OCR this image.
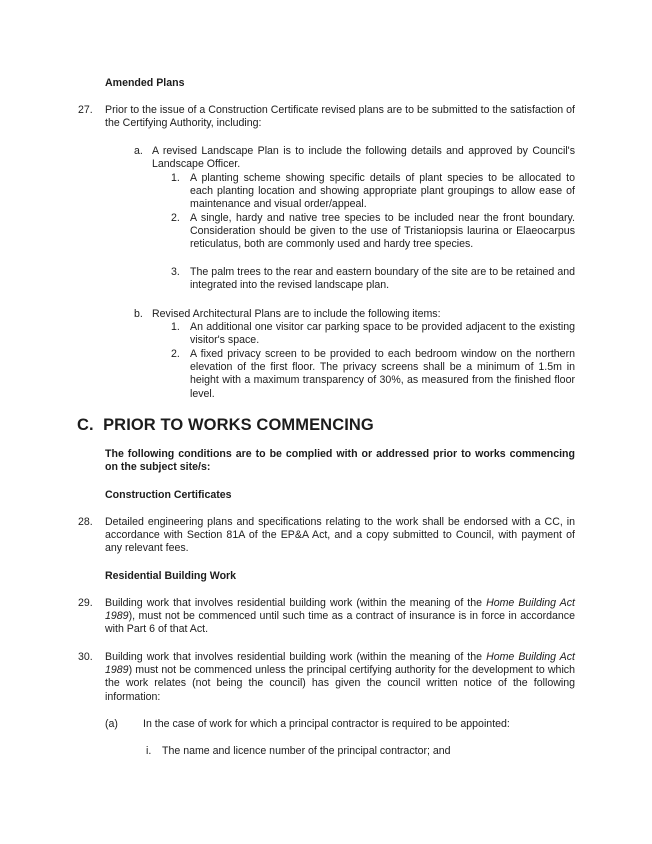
Amended Plans
27. Prior to the issue of a Construction Certificate revised plans are to be submitted to the satisfaction of the Certifying Authority, including:
a. A revised Landscape Plan is to include the following details and approved by Council's Landscape Officer.
1. A planting scheme showing specific details of plant species to be allocated to each planting location and showing appropriate plant groupings to allow ease of maintenance and visual order/appeal.
2. A single, hardy and native tree species to be included near the front boundary. Consideration should be given to the use of Tristaniopsis laurina or Elaeocarpus reticulatus, both are commonly used and hardy tree species.
3. The palm trees to the rear and eastern boundary of the site are to be retained and integrated into the revised landscape plan.
b. Revised Architectural Plans are to include the following items:
1. An additional one visitor car parking space to be provided adjacent to the existing visitor's space.
2. A fixed privacy screen to be provided to each bedroom window on the northern elevation of the first floor. The privacy screens shall be a minimum of 1.5m in height with a maximum transparency of 30%, as measured from the finished floor level.
C.  PRIOR TO WORKS COMMENCING
The following conditions are to be complied with or addressed prior to works commencing on the subject site/s:
Construction Certificates
28. Detailed engineering plans and specifications relating to the work shall be endorsed with a CC, in accordance with Section 81A of the EP&A Act, and a copy submitted to Council, with payment of any relevant fees.
Residential Building Work
29. Building work that involves residential building work (within the meaning of the Home Building Act 1989), must not be commenced until such time as a contract of insurance is in force in accordance with Part 6 of that Act.
30. Building work that involves residential building work (within the meaning of the Home Building Act 1989) must not be commenced unless the principal certifying authority for the development to which the work relates (not being the council) has given the council written notice of the following information:
(a) In the case of work for which a principal contractor is required to be appointed:
i. The name and licence number of the principal contractor; and
